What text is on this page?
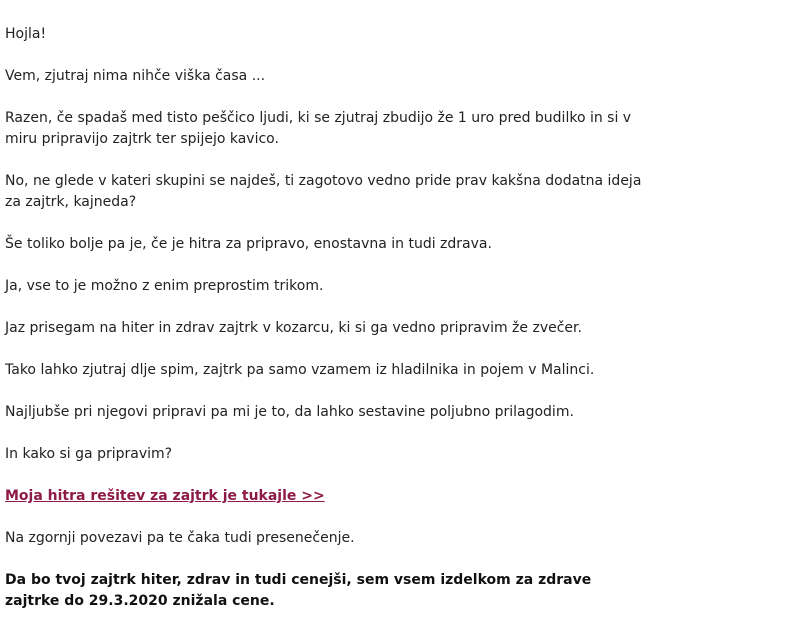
Hojla!

Vem, zjutraj nima nihče viška časa ...

Razen, če spadaš med tisto peščico ljudi, ki se zjutraj zbudijo že 1 uro pred budilko in si v miru pripravijo zajtrk ter spijejo kavico.

No, ne glede v kateri skupini se najdeš, ti zagotovo vedno pride prav kakšna dodatna ideja za zajtrk, kajneda?

Še toliko bolje pa je, če je hitra za pripravo, enostavna in tudi zdrava.

Ja, vse to je možno z enim preprostim trikom.

Jaz prisegam na hiter in zdrav zajtrk v kozarcu, ki si ga vedno pripravim že zvečer.

Tako lahko zjutraj dlje spim, zajtrk pa samo vzamem iz hladilnika in pojem v Malinci.

Najljubše pri njegovi pripravi pa mi je to, da lahko sestavine poljubno prilagodim.

In kako si ga pripravim?

Moja hitra rešitev za zajtrk je tukajle >>

Na zgornji povezavi pa te čaka tudi presenečenje.

Da bo tvoj zajtrk hiter, zdrav in tudi cenejši, sem vsem izdelkom za zdrave zajtrke do 29.3.2020 znižala cene.
